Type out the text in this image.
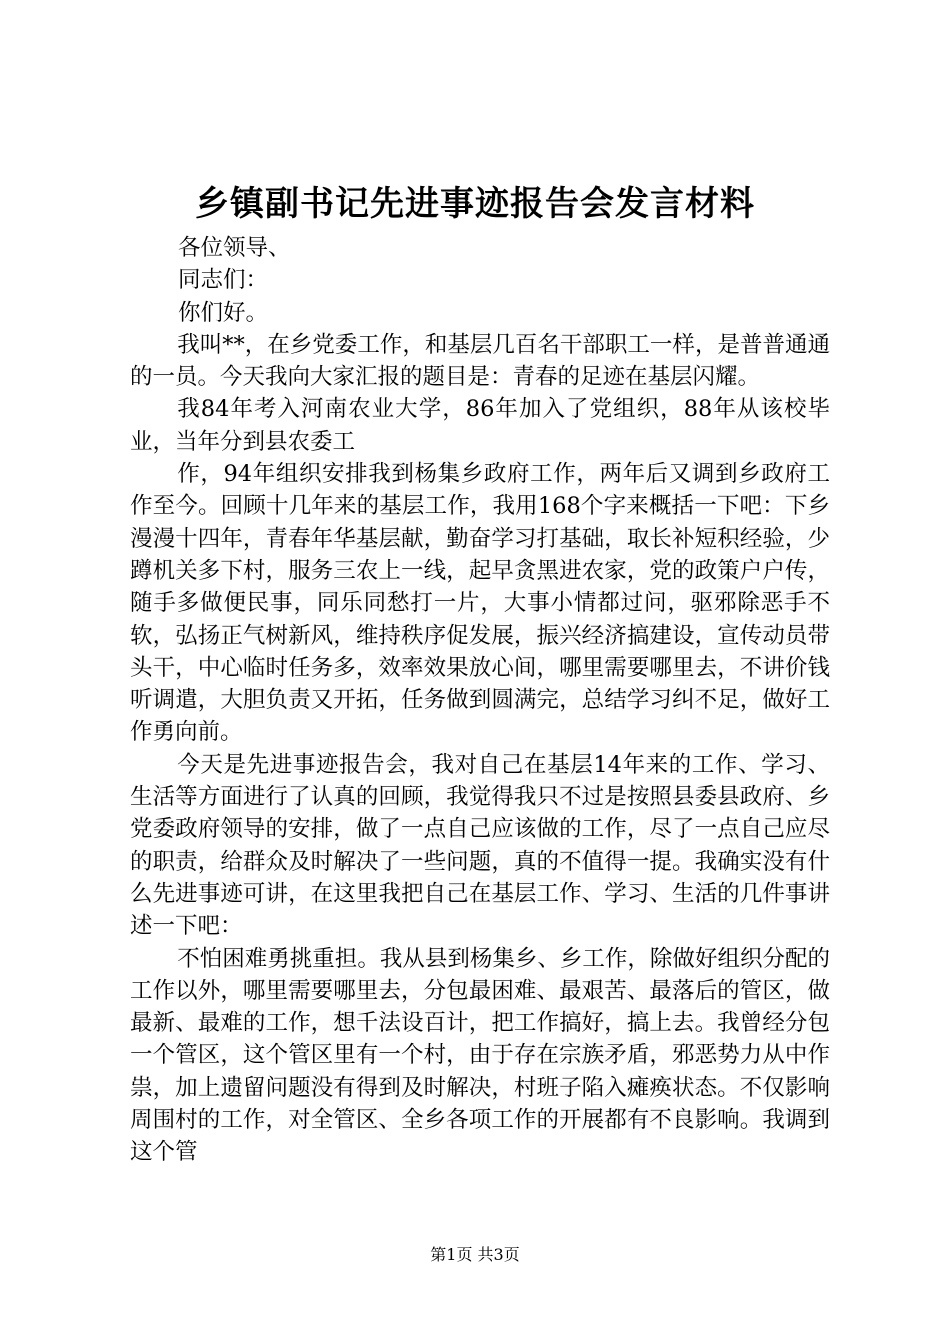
乡镇副书记先进事迹报告会发言材料

各位领导、

同志们：

你们好。

我叫**，在乡党委工作，和基层几百名干部职工一样，是普普通通的一员。今天我向大家汇报的题目是：青春的足迹在基层闪耀。

我84年考入河南农业大学，86年加入了党组织，88年从该校毕业，当年分到县农委工

作，94年组织安排我到杨集乡政府工作，两年后又调到乡政府工作至今。回顾十几年来的基层工作，我用168个字来概括一下吧：下乡漫漫十四年，青春年华基层献，勤奋学习打基础，取长补短积经验，少蹲机关多下村，服务三农上一线，起早贪黑进农家，党的政策户户传，随手多做便民事，同乐同愁打一片，大事小情都过问，驱邪除恶手不软，弘扬正气树新风，维持秩序促发展，振兴经济搞建设，宣传动员带头干，中心临时任务多，效率效果放心间，哪里需要哪里去，不讲价钱听调遣，大胆负责又开拓，任务做到圆满完，总结学习纠不足，做好工作勇向前。

今天是先进事迹报告会，我对自己在基层14年来的工作、学习、生活等方面进行了认真的回顾，我觉得我只不过是按照县委县政府、乡党委政府领导的安排，做了一点自己应该做的工作，尽了一点自己应尽的职责，给群众及时解决了一些问题，真的不值得一提。我确实没有什么先进事迹可讲，在这里我把自己在基层工作、学习、生活的几件事讲述一下吧：

不怕困难勇挑重担。我从县到杨集乡、乡工作，除做好组织分配的工作以外，哪里需要哪里去，分包最困难、最艰苦、最落后的管区，做最新、最难的工作，想千法设百计，把工作搞好，搞上去。我曾经分包一个管区，这个管区里有一个村，由于存在宗族矛盾，邪恶势力从中作祟，加上遗留问题没有得到及时解决，村班子陷入瘫痪状态。不仅影响周围村的工作，对全管区、全乡各项工作的开展都有不良影响。我调到这个管

第1页 共3页
